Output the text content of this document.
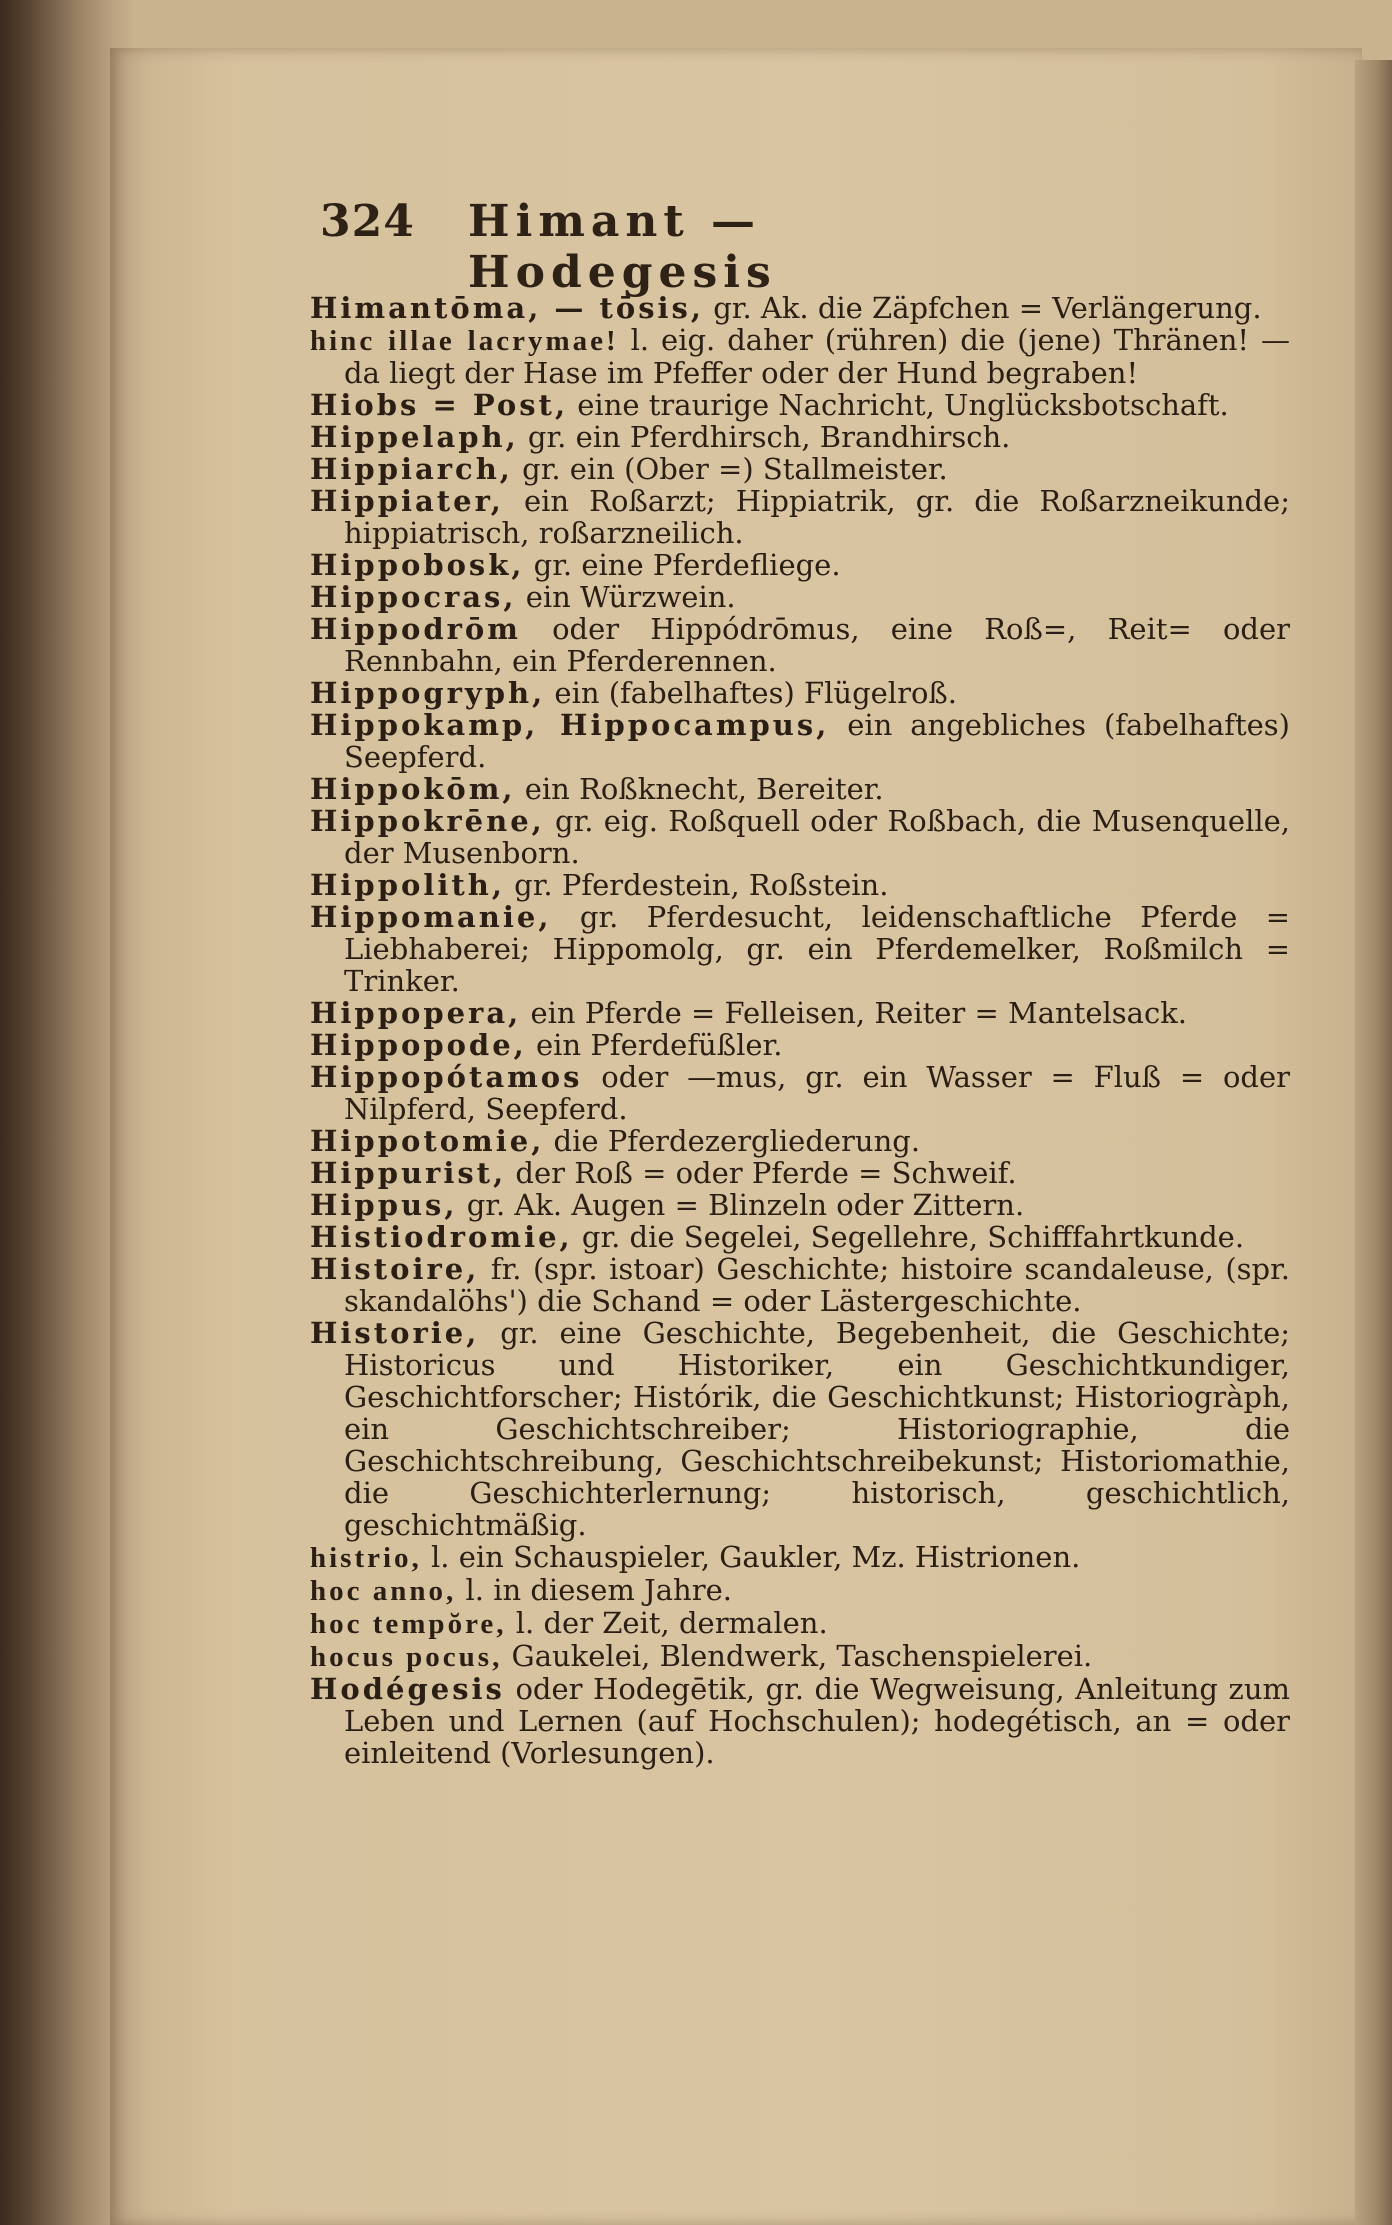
324 Himant — Hodegesis

Himantōma, — tōsis, gr. Ak. die Zäpfchen = Verlängerung.

hinc illae lacrymae! l. eig. daher (rühren) die (jene) Thränen! — da liegt der Hase im Pfeffer oder der Hund begraben!

Hiobs = Post, eine traurige Nachricht, Unglücksbotschaft.

Hippelaph, gr. ein Pferdhirsch, Brandhirsch.

Hippiarch, gr. ein (Ober =) Stallmeister.

Hippiater, ein Roßarzt; Hippiatrik, gr. die Roßarzneikunde; hippiatrisch, roßarzneilich.

Hippobosk, gr. eine Pferdefliege.

Hippocras, ein Würzwein.

Hippodrōm oder Hippódrōmus, eine Roß=, Reit= oder Rennbahn, ein Pferderennen.

Hippogryph, ein (fabelhaftes) Flügelroß.

Hippokamp, Hippocampus, ein angebliches (fabelhaftes) Seepferd.

Hippokōm, ein Roßknecht, Bereiter.

Hippokrēne, gr. eig. Roßquell oder Roßbach, die Musenquelle, der Musenborn.

Hippolith, gr. Pferdestein, Roßstein.

Hippomanie, gr. Pferdesucht, leidenschaftliche Pferde = Liebhaberei; Hippomolg, gr. ein Pferdemelker, Roßmilch = Trinker.

Hippopera, ein Pferde = Felleisen, Reiter = Mantelsack.

Hippopode, ein Pferdefüßler.

Hippopótamos oder —mus, gr. ein Wasser = Fluß = oder Nilpferd, Seepferd.

Hippotomie, die Pferdezergliederung.

Hippurist, der Roß = oder Pferde = Schweif.

Hippus, gr. Ak. Augen = Blinzeln oder Zittern.

Histiodromie, gr. die Segelei, Segellehre, Schifffahrtkunde.

Histoire, fr. (spr. istoar) Geschichte; histoire scandaleuse, (spr. skandalöhs') die Schand = oder Lästergeschichte.

Historie, gr. eine Geschichte, Begebenheit, die Geschichte; Historicus und Historiker, ein Geschichtkundiger, Geschichtforscher; Histórik, die Geschichtkunst; Historiogràph, ein Geschichtschreiber; Historiographie, die Geschichtschreibung, Geschichtschreibekunst; Historiomathie, die Geschichterlernung; historisch, geschichtlich, geschichtmäßig.

histrio, l. ein Schauspieler, Gaukler, Mz. Histrionen.

hoc anno, l. in diesem Jahre.

hoc tempŏre, l. der Zeit, dermalen.

hocus pocus, Gaukelei, Blendwerk, Taschenspielerei.

Hodégesis oder Hodegētik, gr. die Wegweisung, Anleitung zum Leben und Lernen (auf Hochschulen); hodegétisch, an = oder einleitend (Vorlesungen).
